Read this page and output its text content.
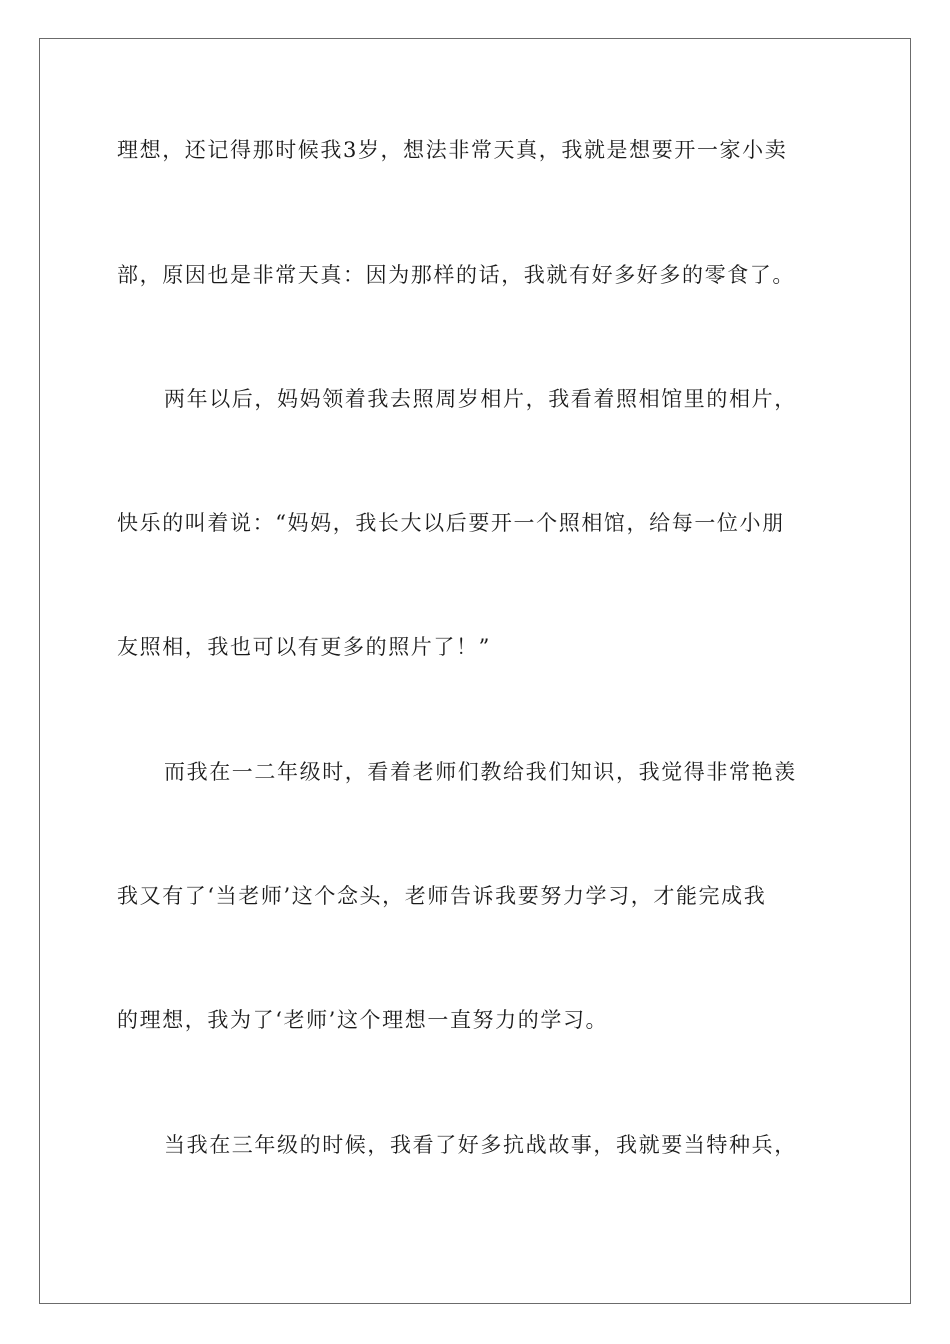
理想，还记得那时候我3岁，想法非常天真，我就是想要开一家小卖

部，原因也是非常天真：因为那样的话，我就有好多好多的零食了。

两年以后，妈妈领着我去照周岁相片，我看着照相馆里的相片，

快乐的叫着说：“妈妈，我长大以后要开一个照相馆，给每一位小朋

友照相，我也可以有更多的照片了！”

而我在一二年级时，看着老师们教给我们知识，我觉得非常艳羡

我又有了‘当老师’这个念头，老师告诉我要努力学习，才能完成我

的理想，我为了‘老师’这个理想一直努力的学习。

当我在三年级的时候，我看了好多抗战故事，我就要当特种兵，
